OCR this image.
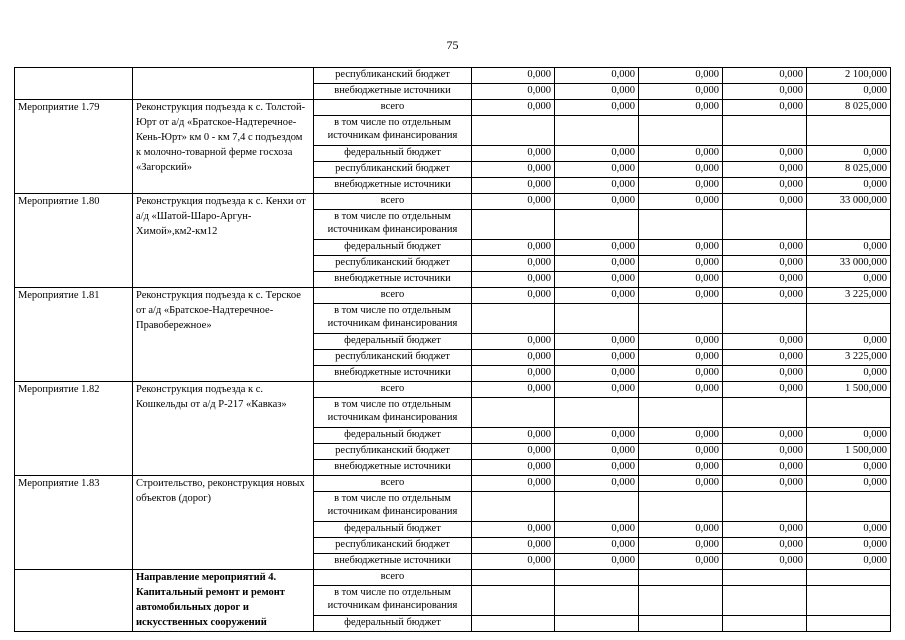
75
		республиканский бюджет	0,000	0,000	0,000	0,000	2 100,000
		внебюджетные источники	0,000	0,000	0,000	0,000	0,000
Мероприятие 1.79	Реконструкция подъезда к с. Толстой-Юрт от а/д «Братское-Надтеречное-Кень-Юрт» км 0 - км 7,4 с подъездом к молочно-товарной ферме госхоза «Загорский»	всего	0,000	0,000	0,000	0,000	8 025,000
		в том числе по отдельным источникам финансирования					
		федеральный бюджет	0,000	0,000	0,000	0,000	0,000
		республиканский бюджет	0,000	0,000	0,000	0,000	8 025,000
		внебюджетные источники	0,000	0,000	0,000	0,000	0,000
Мероприятие 1.80	Реконструкция подъезда к с. Кенхи от а/д «Шатой-Шаро-Аргун-Химой»,км2-км12	всего	0,000	0,000	0,000	0,000	33 000,000
		в том числе по отдельным источникам финансирования					
		федеральный бюджет	0,000	0,000	0,000	0,000	0,000
		республиканский бюджет	0,000	0,000	0,000	0,000	33 000,000
		внебюджетные источники	0,000	0,000	0,000	0,000	0,000
Мероприятие 1.81	Реконструкция подъезда к с. Терское от а/д «Братское-Надтеречное-Правобережное»	всего	0,000	0,000	0,000	0,000	3 225,000
		в том числе по отдельным источникам финансирования					
		федеральный бюджет	0,000	0,000	0,000	0,000	0,000
		республиканский бюджет	0,000	0,000	0,000	0,000	3 225,000
		внебюджетные источники	0,000	0,000	0,000	0,000	0,000
Мероприятие 1.82	Реконструкция подъезда к с. Кошкельды от а/д Р-217 «Кавказ»	всего	0,000	0,000	0,000	0,000	1 500,000
		в том числе по отдельным источникам финансирования					
		федеральный бюджет	0,000	0,000	0,000	0,000	0,000
		республиканский бюджет	0,000	0,000	0,000	0,000	1 500,000
		внебюджетные источники	0,000	0,000	0,000	0,000	0,000
Мероприятие 1.83	Строительство, реконструкция новых объектов (дорог)	всего	0,000	0,000	0,000	0,000	0,000
		в том числе по отдельным источникам финансирования					
		федеральный бюджет	0,000	0,000	0,000	0,000	0,000
		республиканский бюджет	0,000	0,000	0,000	0,000	0,000
		внебюджетные источники	0,000	0,000	0,000	0,000	0,000
	Направление мероприятий 4. Капитальный ремонт и ремонт автомобильных дорог и искусственных сооружений	всего					
		в том числе по отдельным источникам финансирования					
		федеральный бюджет					
